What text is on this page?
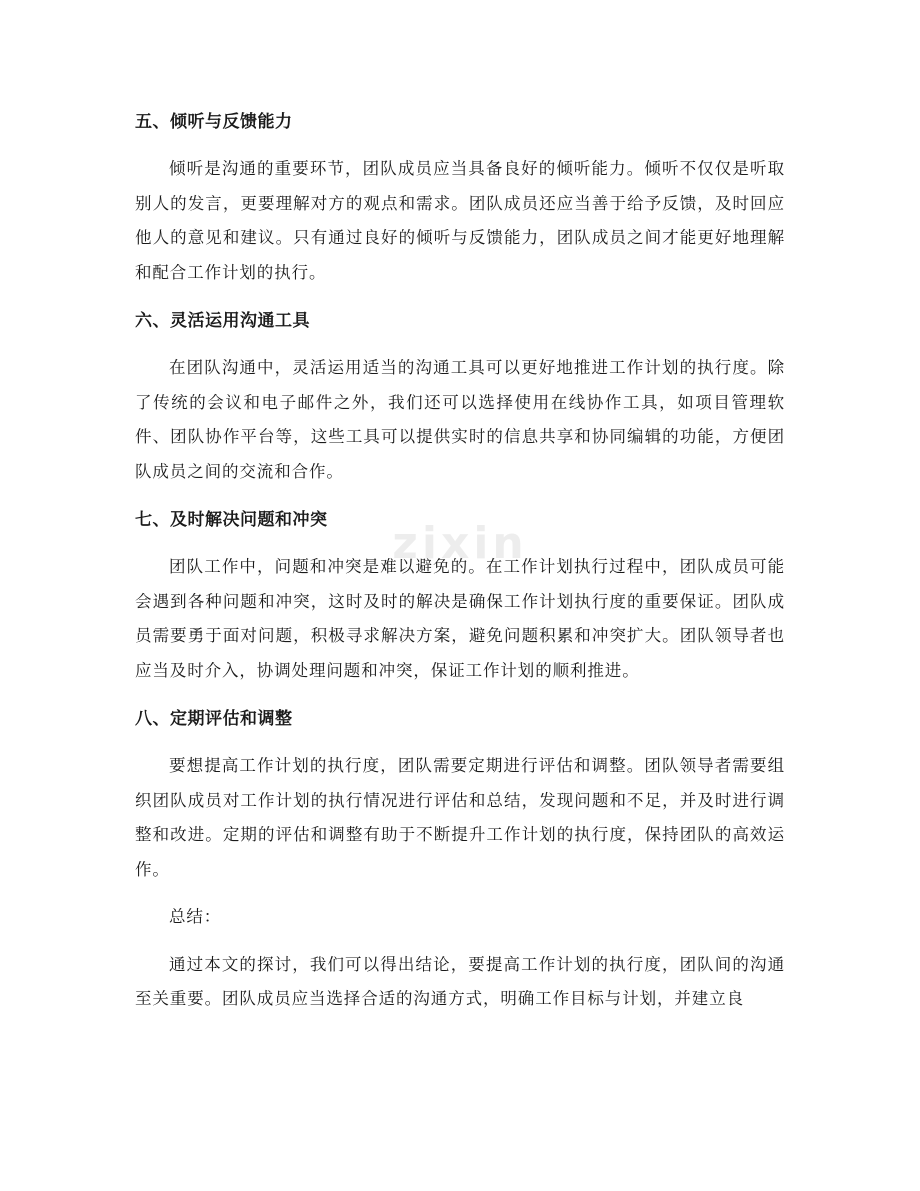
zixin
五、倾听与反馈能力

倾听是沟通的重要环节，团队成员应当具备良好的倾听能力。倾听不仅仅是听取别人的发言，更要理解对方的观点和需求。团队成员还应当善于给予反馈，及时回应他人的意见和建议。只有通过良好的倾听与反馈能力，团队成员之间才能更好地理解和配合工作计划的执行。

六、灵活运用沟通工具

在团队沟通中，灵活运用适当的沟通工具可以更好地推进工作计划的执行度。除了传统的会议和电子邮件之外，我们还可以选择使用在线协作工具，如项目管理软件、团队协作平台等，这些工具可以提供实时的信息共享和协同编辑的功能，方便团队成员之间的交流和合作。

七、及时解决问题和冲突

团队工作中，问题和冲突是难以避免的。在工作计划执行过程中，团队成员可能会遇到各种问题和冲突，这时及时的解决是确保工作计划执行度的重要保证。团队成员需要勇于面对问题，积极寻求解决方案，避免问题积累和冲突扩大。团队领导者也应当及时介入，协调处理问题和冲突，保证工作计划的顺利推进。

八、定期评估和调整

要想提高工作计划的执行度，团队需要定期进行评估和调整。团队领导者需要组织团队成员对工作计划的执行情况进行评估和总结，发现问题和不足，并及时进行调整和改进。定期的评估和调整有助于不断提升工作计划的执行度，保持团队的高效运作。

总结：

通过本文的探讨，我们可以得出结论，要提高工作计划的执行度，团队间的沟通至关重要。团队成员应当选择合适的沟通方式，明确工作目标与计划，并建立良
